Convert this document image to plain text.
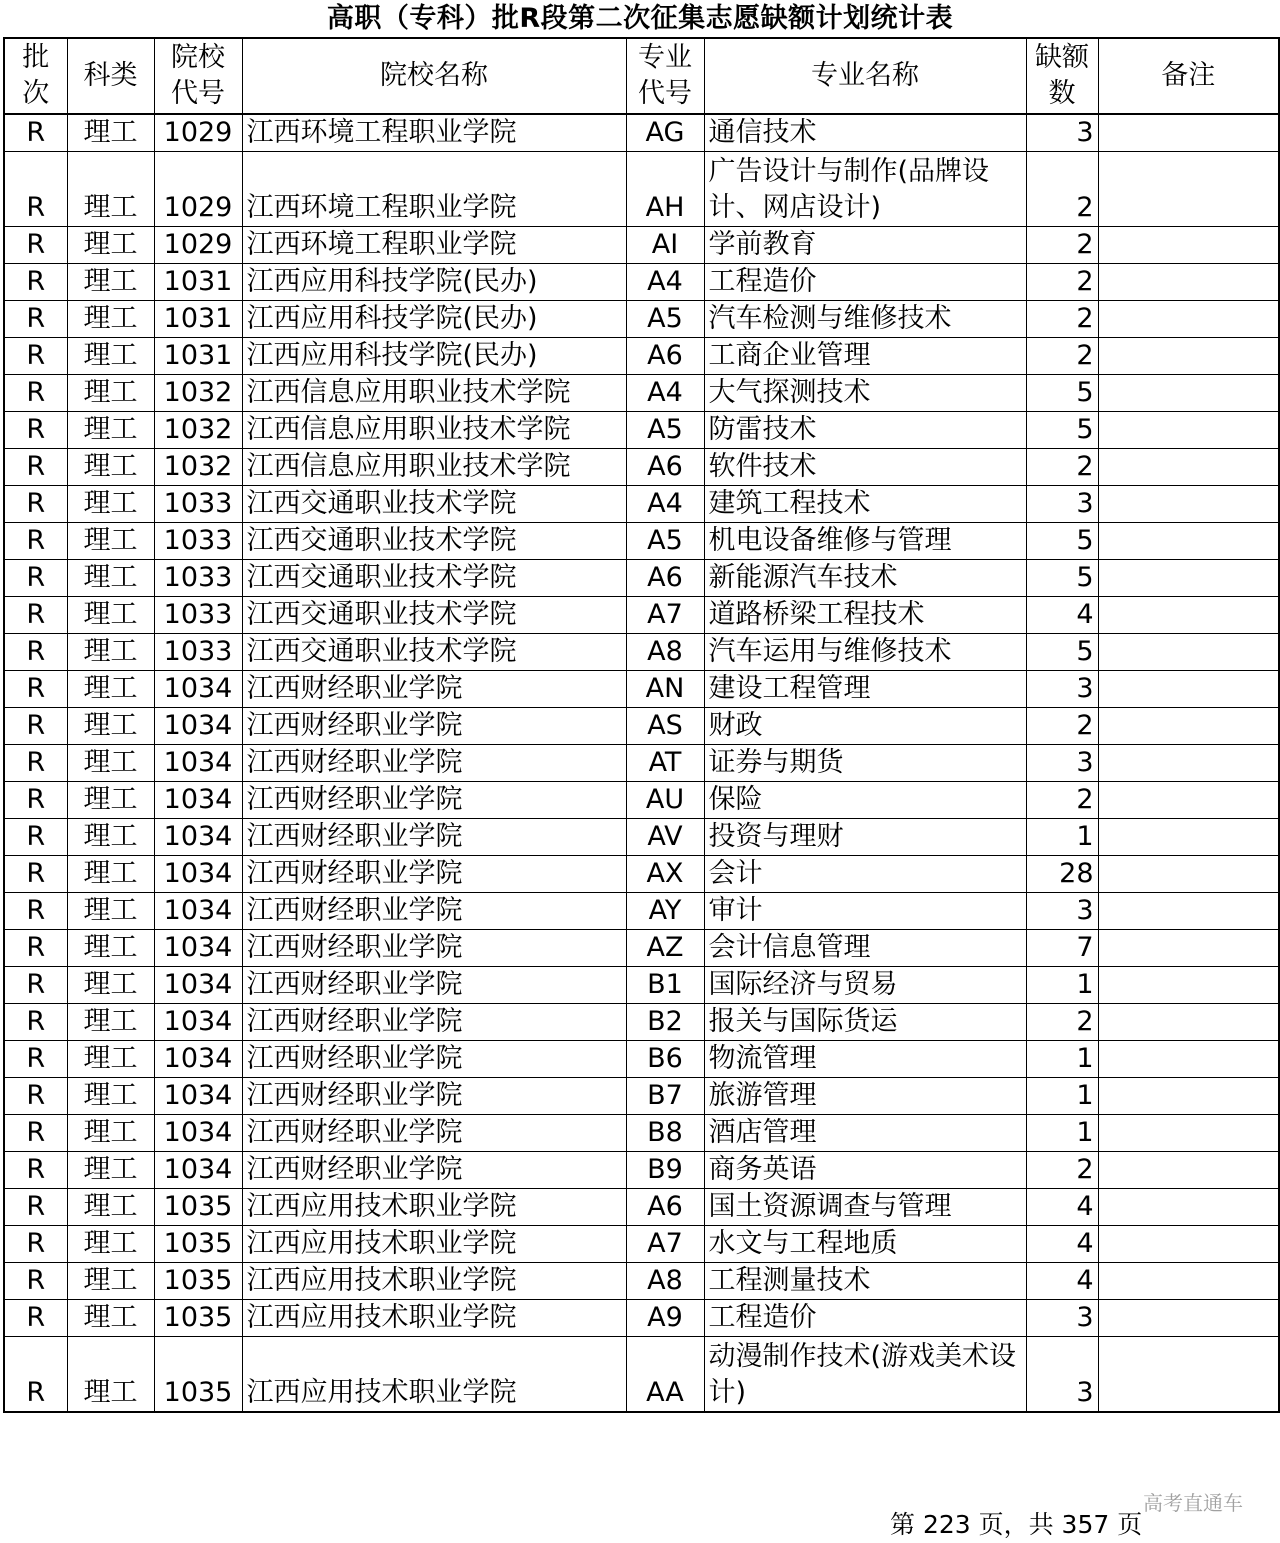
高职（专科）批R段第二次征集志愿缺额计划统计表
批次	科类	院校代号	院校名称	专业代号	专业名称	缺额数	备注

R	理工	1029	江西环境工程职业学院	AG	通信技术	3	
R	理工	1029	江西环境工程职业学院	AH	广告设计与制作(品牌设计、网店设计)	2	
R	理工	1029	江西环境工程职业学院	AI	学前教育	2	
R	理工	1031	江西应用科技学院(民办)	A4	工程造价	2	
R	理工	1031	江西应用科技学院(民办)	A5	汽车检测与维修技术	2	
R	理工	1031	江西应用科技学院(民办)	A6	工商企业管理	2	
R	理工	1032	江西信息应用职业技术学院	A4	大气探测技术	5	
R	理工	1032	江西信息应用职业技术学院	A5	防雷技术	5	
R	理工	1032	江西信息应用职业技术学院	A6	软件技术	2	
R	理工	1033	江西交通职业技术学院	A4	建筑工程技术	3	
R	理工	1033	江西交通职业技术学院	A5	机电设备维修与管理	5	
R	理工	1033	江西交通职业技术学院	A6	新能源汽车技术	5	
R	理工	1033	江西交通职业技术学院	A7	道路桥梁工程技术	4	
R	理工	1033	江西交通职业技术学院	A8	汽车运用与维修技术	5	
R	理工	1034	江西财经职业学院	AN	建设工程管理	3	
R	理工	1034	江西财经职业学院	AS	财政	2	
R	理工	1034	江西财经职业学院	AT	证券与期货	3	
R	理工	1034	江西财经职业学院	AU	保险	2	
R	理工	1034	江西财经职业学院	AV	投资与理财	1	
R	理工	1034	江西财经职业学院	AX	会计	28	
R	理工	1034	江西财经职业学院	AY	审计	3	
R	理工	1034	江西财经职业学院	AZ	会计信息管理	7	
R	理工	1034	江西财经职业学院	B1	国际经济与贸易	1	
R	理工	1034	江西财经职业学院	B2	报关与国际货运	2	
R	理工	1034	江西财经职业学院	B6	物流管理	1	
R	理工	1034	江西财经职业学院	B7	旅游管理	1	
R	理工	1034	江西财经职业学院	B8	酒店管理	1	
R	理工	1034	江西财经职业学院	B9	商务英语	2	
R	理工	1035	江西应用技术职业学院	A6	国土资源调查与管理	4	
R	理工	1035	江西应用技术职业学院	A7	水文与工程地质	4	
R	理工	1035	江西应用技术职业学院	A8	工程测量技术	4	
R	理工	1035	江西应用技术职业学院	A9	工程造价	3	
R	理工	1035	江西应用技术职业学院	AA	动漫制作技术(游戏美术设计)	3	
高考直通车
第 223 页，共 357 页
